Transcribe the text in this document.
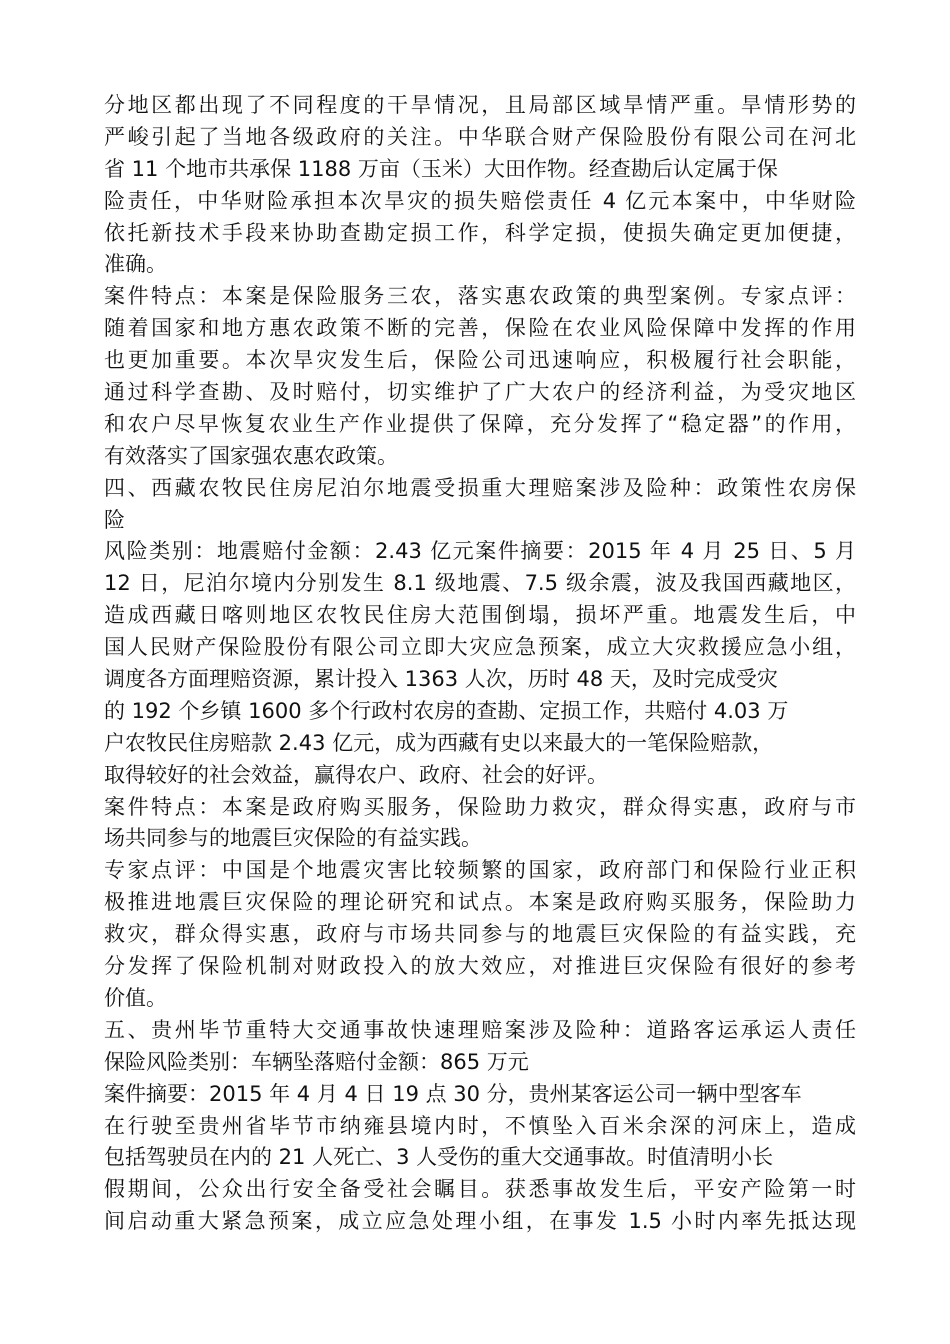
分地区都出现了不同程度的干旱情况，且局部区域旱情严重。旱情形势的
严峻引起了当地各级政府的关注。中华联合财产保险股份有限公司在河北
省 11 个地市共承保 1188 万亩（玉米）大田作物。经查勘后认定属于保
险责任，中华财险承担本次旱灾的损失赔偿责任 4 亿元本案中，中华财险
依托新技术手段来协助查勘定损工作，科学定损，使损失确定更加便捷，
准确。
案件特点：本案是保险服务三农，落实惠农政策的典型案例。专家点评：
随着国家和地方惠农政策不断的完善，保险在农业风险保障中发挥的作用
也更加重要。本次旱灾发生后，保险公司迅速响应，积极履行社会职能，
通过科学查勘、及时赔付，切实维护了广大农户的经济利益，为受灾地区
和农户尽早恢复农业生产作业提供了保障，充分发挥了“稳定器”的作用，
有效落实了国家强农惠农政策。
四、西藏农牧民住房尼泊尔地震受损重大理赔案涉及险种：政策性农房保
险
风险类别：地震赔付金额：2.43 亿元案件摘要：2015 年 4 月 25 日、5 月
12 日，尼泊尔境内分别发生 8.1 级地震、7.5 级余震，波及我国西藏地区，
造成西藏日喀则地区农牧民住房大范围倒塌，损坏严重。地震发生后，中
国人民财产保险股份有限公司立即大灾应急预案，成立大灾救援应急小组，
调度各方面理赔资源，累计投入 1363 人次，历时 48 天，及时完成受灾
的 192 个乡镇 1600 多个行政村农房的查勘、定损工作，共赔付 4.03 万
户农牧民住房赔款 2.43 亿元，成为西藏有史以来最大的一笔保险赔款，
取得较好的社会效益，赢得农户、政府、社会的好评。
案件特点：本案是政府购买服务，保险助力救灾，群众得实惠，政府与市
场共同参与的地震巨灾保险的有益实践。
专家点评：中国是个地震灾害比较频繁的国家，政府部门和保险行业正积
极推进地震巨灾保险的理论研究和试点。本案是政府购买服务，保险助力
救灾，群众得实惠，政府与市场共同参与的地震巨灾保险的有益实践，充
分发挥了保险机制对财政投入的放大效应，对推进巨灾保险有很好的参考
价值。
五、贵州毕节重特大交通事故快速理赔案涉及险种：道路客运承运人责任
保险风险类别：车辆坠落赔付金额：865 万元
案件摘要：2015 年 4 月 4 日 19 点 30 分，贵州某客运公司一辆中型客车
在行驶至贵州省毕节市纳雍县境内时，不慎坠入百米余深的河床上，造成
包括驾驶员在内的 21 人死亡、3 人受伤的重大交通事故。时值清明小长
假期间，公众出行安全备受社会瞩目。获悉事故发生后，平安产险第一时
间启动重大紧急预案，成立应急处理小组，在事发 1.5 小时内率先抵达现
